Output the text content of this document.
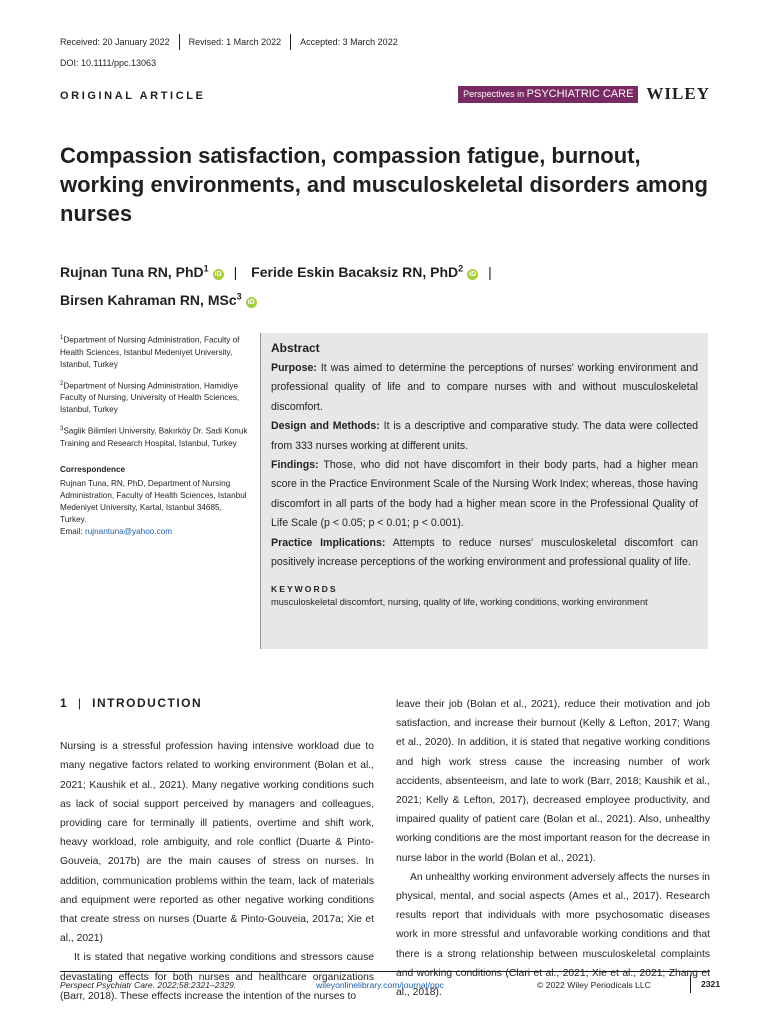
Received: 20 January 2022	Revised: 1 March 2022	Accepted: 3 March 2022
DOI: 10.1111/ppc.13063
ORIGINAL ARTICLE	Perspectives in PSYCHIATRIC CARE WILEY
Compassion satisfaction, compassion fatigue, burnout, working environments, and musculoskeletal disorders among nurses
Rujnan Tuna RN, PhD$^1$iD | Feride Eskin Bacaksiz RN, PhD$^2$iD |
Birsen Kahraman RN, MSc$^3$iD

$^1$Department of Nursing Administration, Faculty of Health Sciences, Istanbul Medeniyet University, Istanbul, Turkey

$^2$Department of Nursing Administration, Hamidiye Faculty of Nursing, University of Health Sciences, Istanbul, Turkey

$^3$Saglik Bilimleri University, Bakırköy Dr. Sadi Konuk Training and Research Hospital, Istanbul, Turkey

Correspondence

Rujnan Tuna, RN, PhD, Department of Nursing Administration, Faculty of Health Sciences, Istanbul Medeniyet University, Kartal, Istanbul 34685, Turkey.
Email: rujnantuna@yahoo.com

Abstract

Purpose: It was aimed to determine the perceptions of nurses' working environment and professional quality of life and to compare nurses with and without musculoskeletal discomfort.

Design and Methods: It is a descriptive and comparative study. The data were collected from 333 nurses working at different units.

Findings: Those, who did not have discomfort in their body parts, had a higher mean score in the Practice Environment Scale of the Nursing Work Index; whereas, those having discomfort in all parts of the body had a higher mean score in the Professional Quality of Life Scale (p < 0.05; p < 0.01; p < 0.001).

Practice Implications: Attempts to reduce nurses' musculoskeletal discomfort can positively increase perceptions of the working environment and professional quality of life.

KEYWORDS
musculoskeletal discomfort, nursing, quality of life, working conditions, working environment

1 | INTRODUCTION

Nursing is a stressful profession having intensive workload due to many negative factors related to working environment (Bolan et al., 2021; Kaushik et al., 2021). Many negative working conditions such as lack of social support perceived by managers and colleagues, providing care for terminally ill patients, overtime and shift work, heavy workload, role ambiguity, and role conflict (Duarte & Pinto-Gouveia, 2017b) are the main causes of stress on nurses. In addition, communication problems within the team, lack of materials and equipment were reported as other negative working conditions that create stress on nurses (Duarte & Pinto-Gouveia, 2017a; Xie et al., 2021)

It is stated that negative working conditions and stressors cause devastating effects for both nurses and healthcare organizations (Barr, 2018). These effects increase the intention of the nurses to

leave their job (Bolan et al., 2021), reduce their motivation and job satisfaction, and increase their burnout (Kelly & Lefton, 2017; Wang et al., 2020). In addition, it is stated that negative working conditions and high work stress cause the increasing number of work accidents, absenteeism, and late to work (Barr, 2018; Kaushik et al., 2021; Kelly & Lefton, 2017), decreased employee productivity, and impaired quality of patient care (Bolan et al., 2021). Also, unhealthy working conditions are the most important reason for the decrease in nurse labor in the world (Bolan et al., 2021).

An unhealthy working environment adversely affects the nurses in physical, mental, and social aspects (Ames et al., 2017). Research results report that individuals with more psychosomatic diseases work in more stressful and unfavorable working conditions and that there is a strong relationship between musculoskeletal complaints and working conditions (Clari et al., 2021; Xie et al., 2021; Zhang et al., 2018).

Perspect Psychiatr Care. 2022;58:2321–2329.	wileyonlinelibrary.com/journal/ppc	© 2022 Wiley Periodicals LLC	2321
